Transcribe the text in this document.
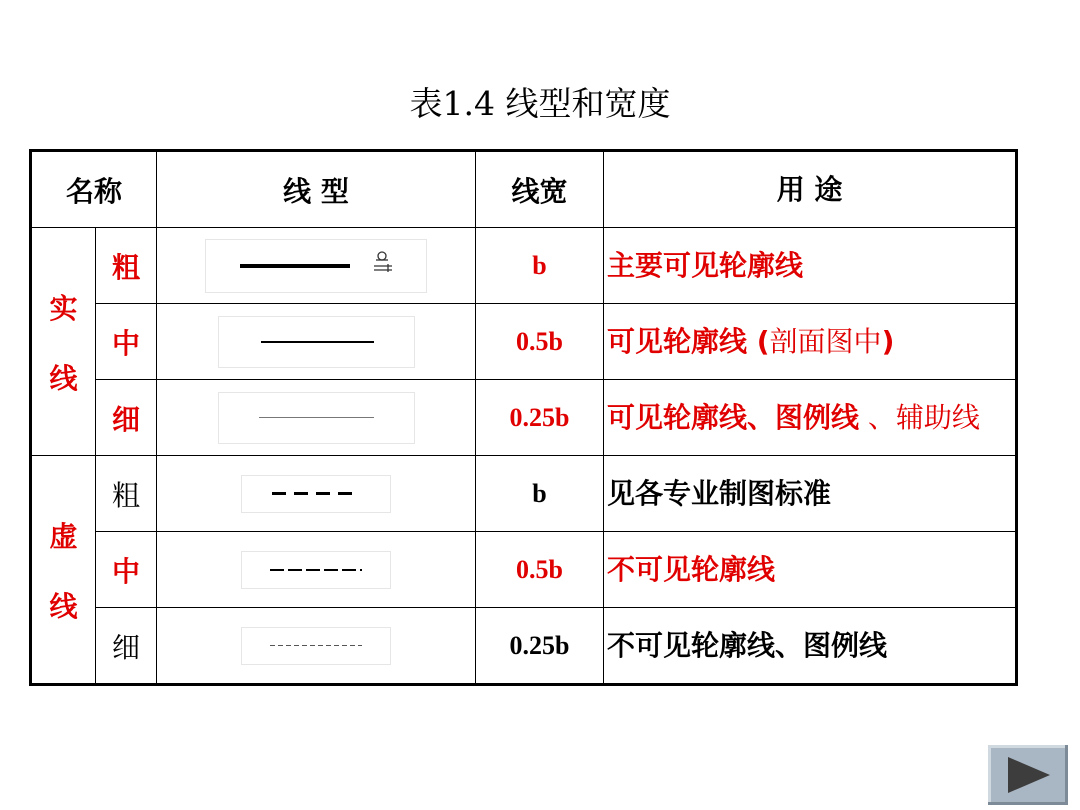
表1.4 线型和宽度
名称		线 型	线宽	用 途

实
线	粗		b	主要可见轮廓线
	中		0.5b	可见轮廓线 (剖面图中)
	细		0.25b	可见轮廓线、图例线 、辅助线

虚
线	粗		b	见各专业制图标准
	中		0.5b	不可见轮廓线
	细		0.25b	不可见轮廓线、图例线
